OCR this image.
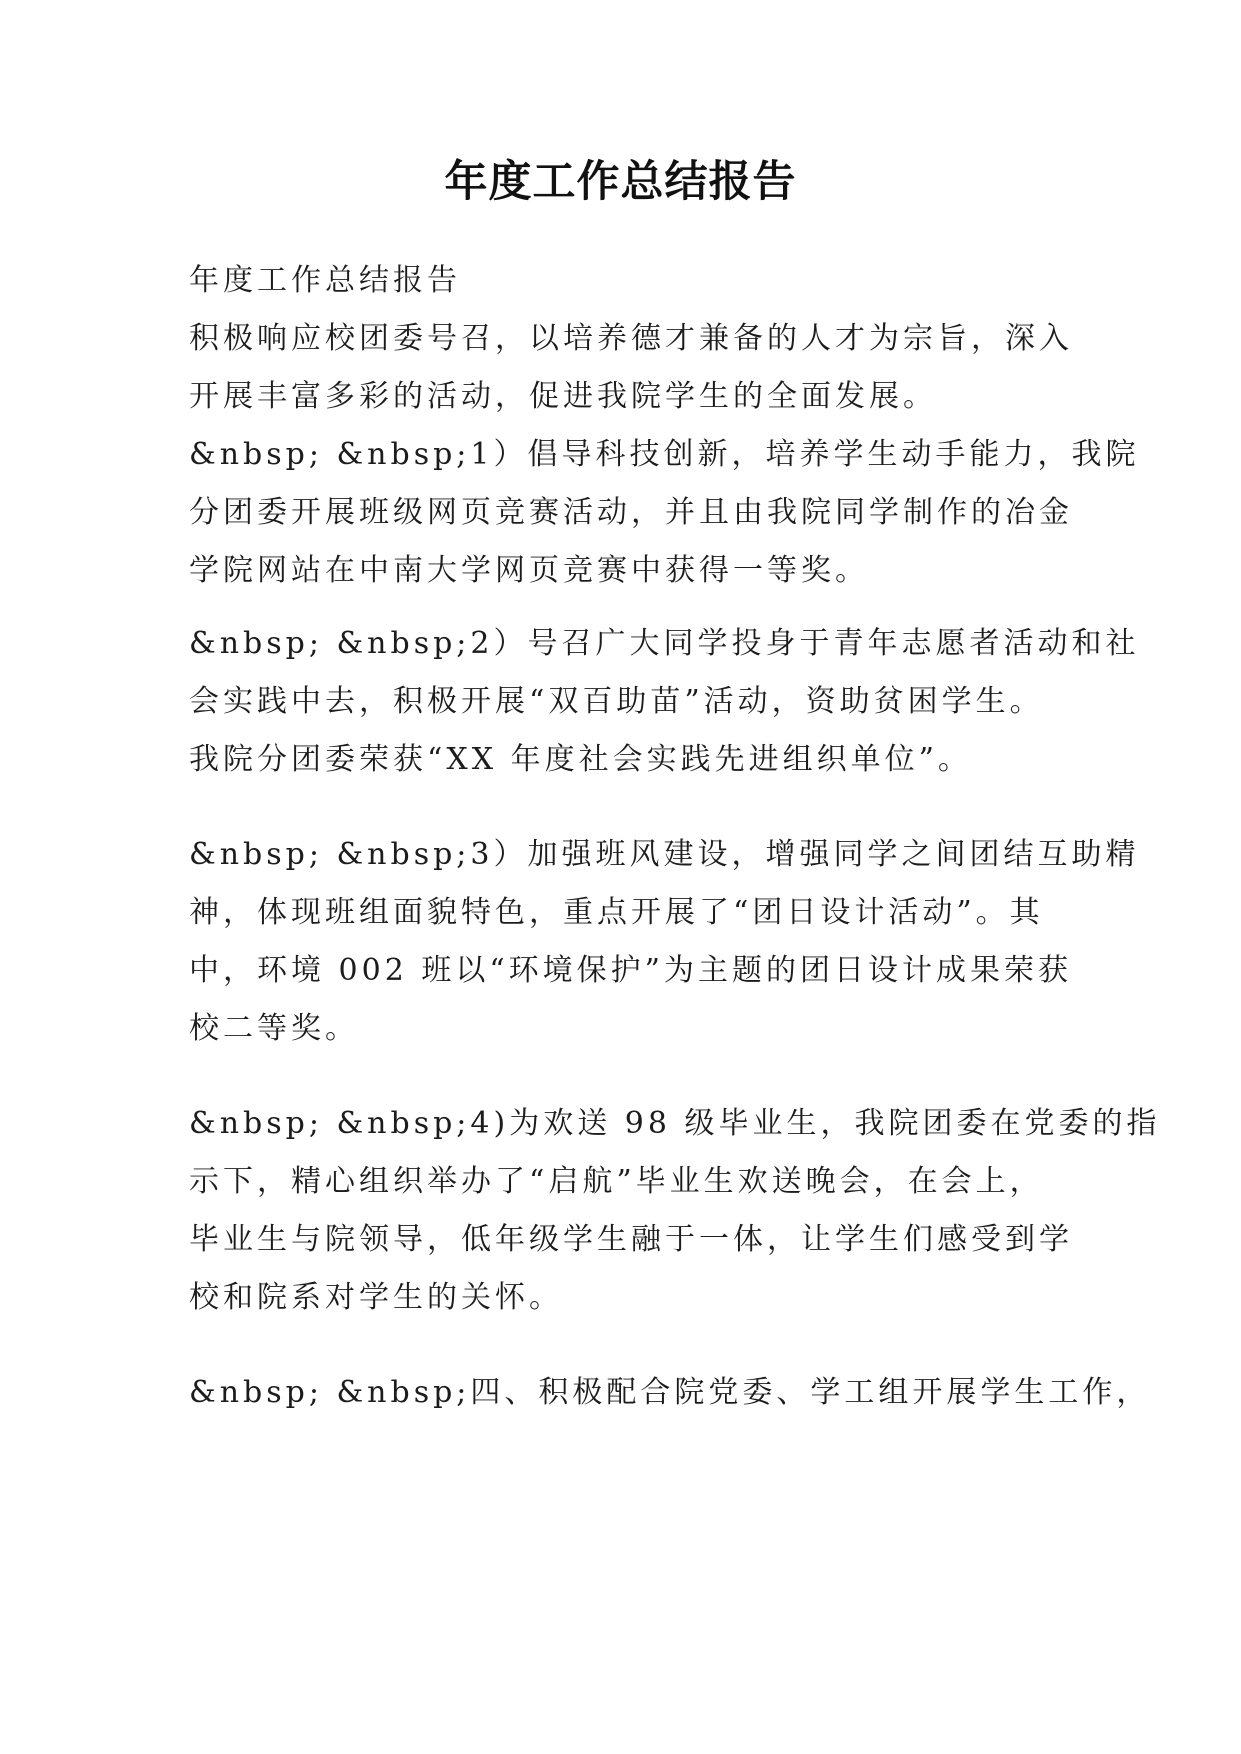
年度工作总结报告
年度工作总结报告
积极响应校团委号召，以培养德才兼备的人才为宗旨，深入
开展丰富多彩的活动，促进我院学生的全面发展。
&nbsp; &nbsp;1）倡导科技创新，培养学生动手能力，我院
分团委开展班级网页竞赛活动，并且由我院同学制作的冶金
学院网站在中南大学网页竞赛中获得一等奖。
&nbsp; &nbsp;2）号召广大同学投身于青年志愿者活动和社
会实践中去，积极开展“双百助苗”活动，资助贫困学生。
我院分团委荣获“XX 年度社会实践先进组织单位”。
&nbsp; &nbsp;3）加强班风建设，增强同学之间团结互助精
神，体现班组面貌特色，重点开展了“团日设计活动”。其
中，环境 002 班以“环境保护”为主题的团日设计成果荣获
校二等奖。
&nbsp; &nbsp;4)为欢送 98 级毕业生，我院团委在党委的指
示下，精心组织举办了“启航”毕业生欢送晚会，在会上，
毕业生与院领导，低年级学生融于一体，让学生们感受到学
校和院系对学生的关怀。
&nbsp; &nbsp;四、积极配合院党委、学工组开展学生工作，
